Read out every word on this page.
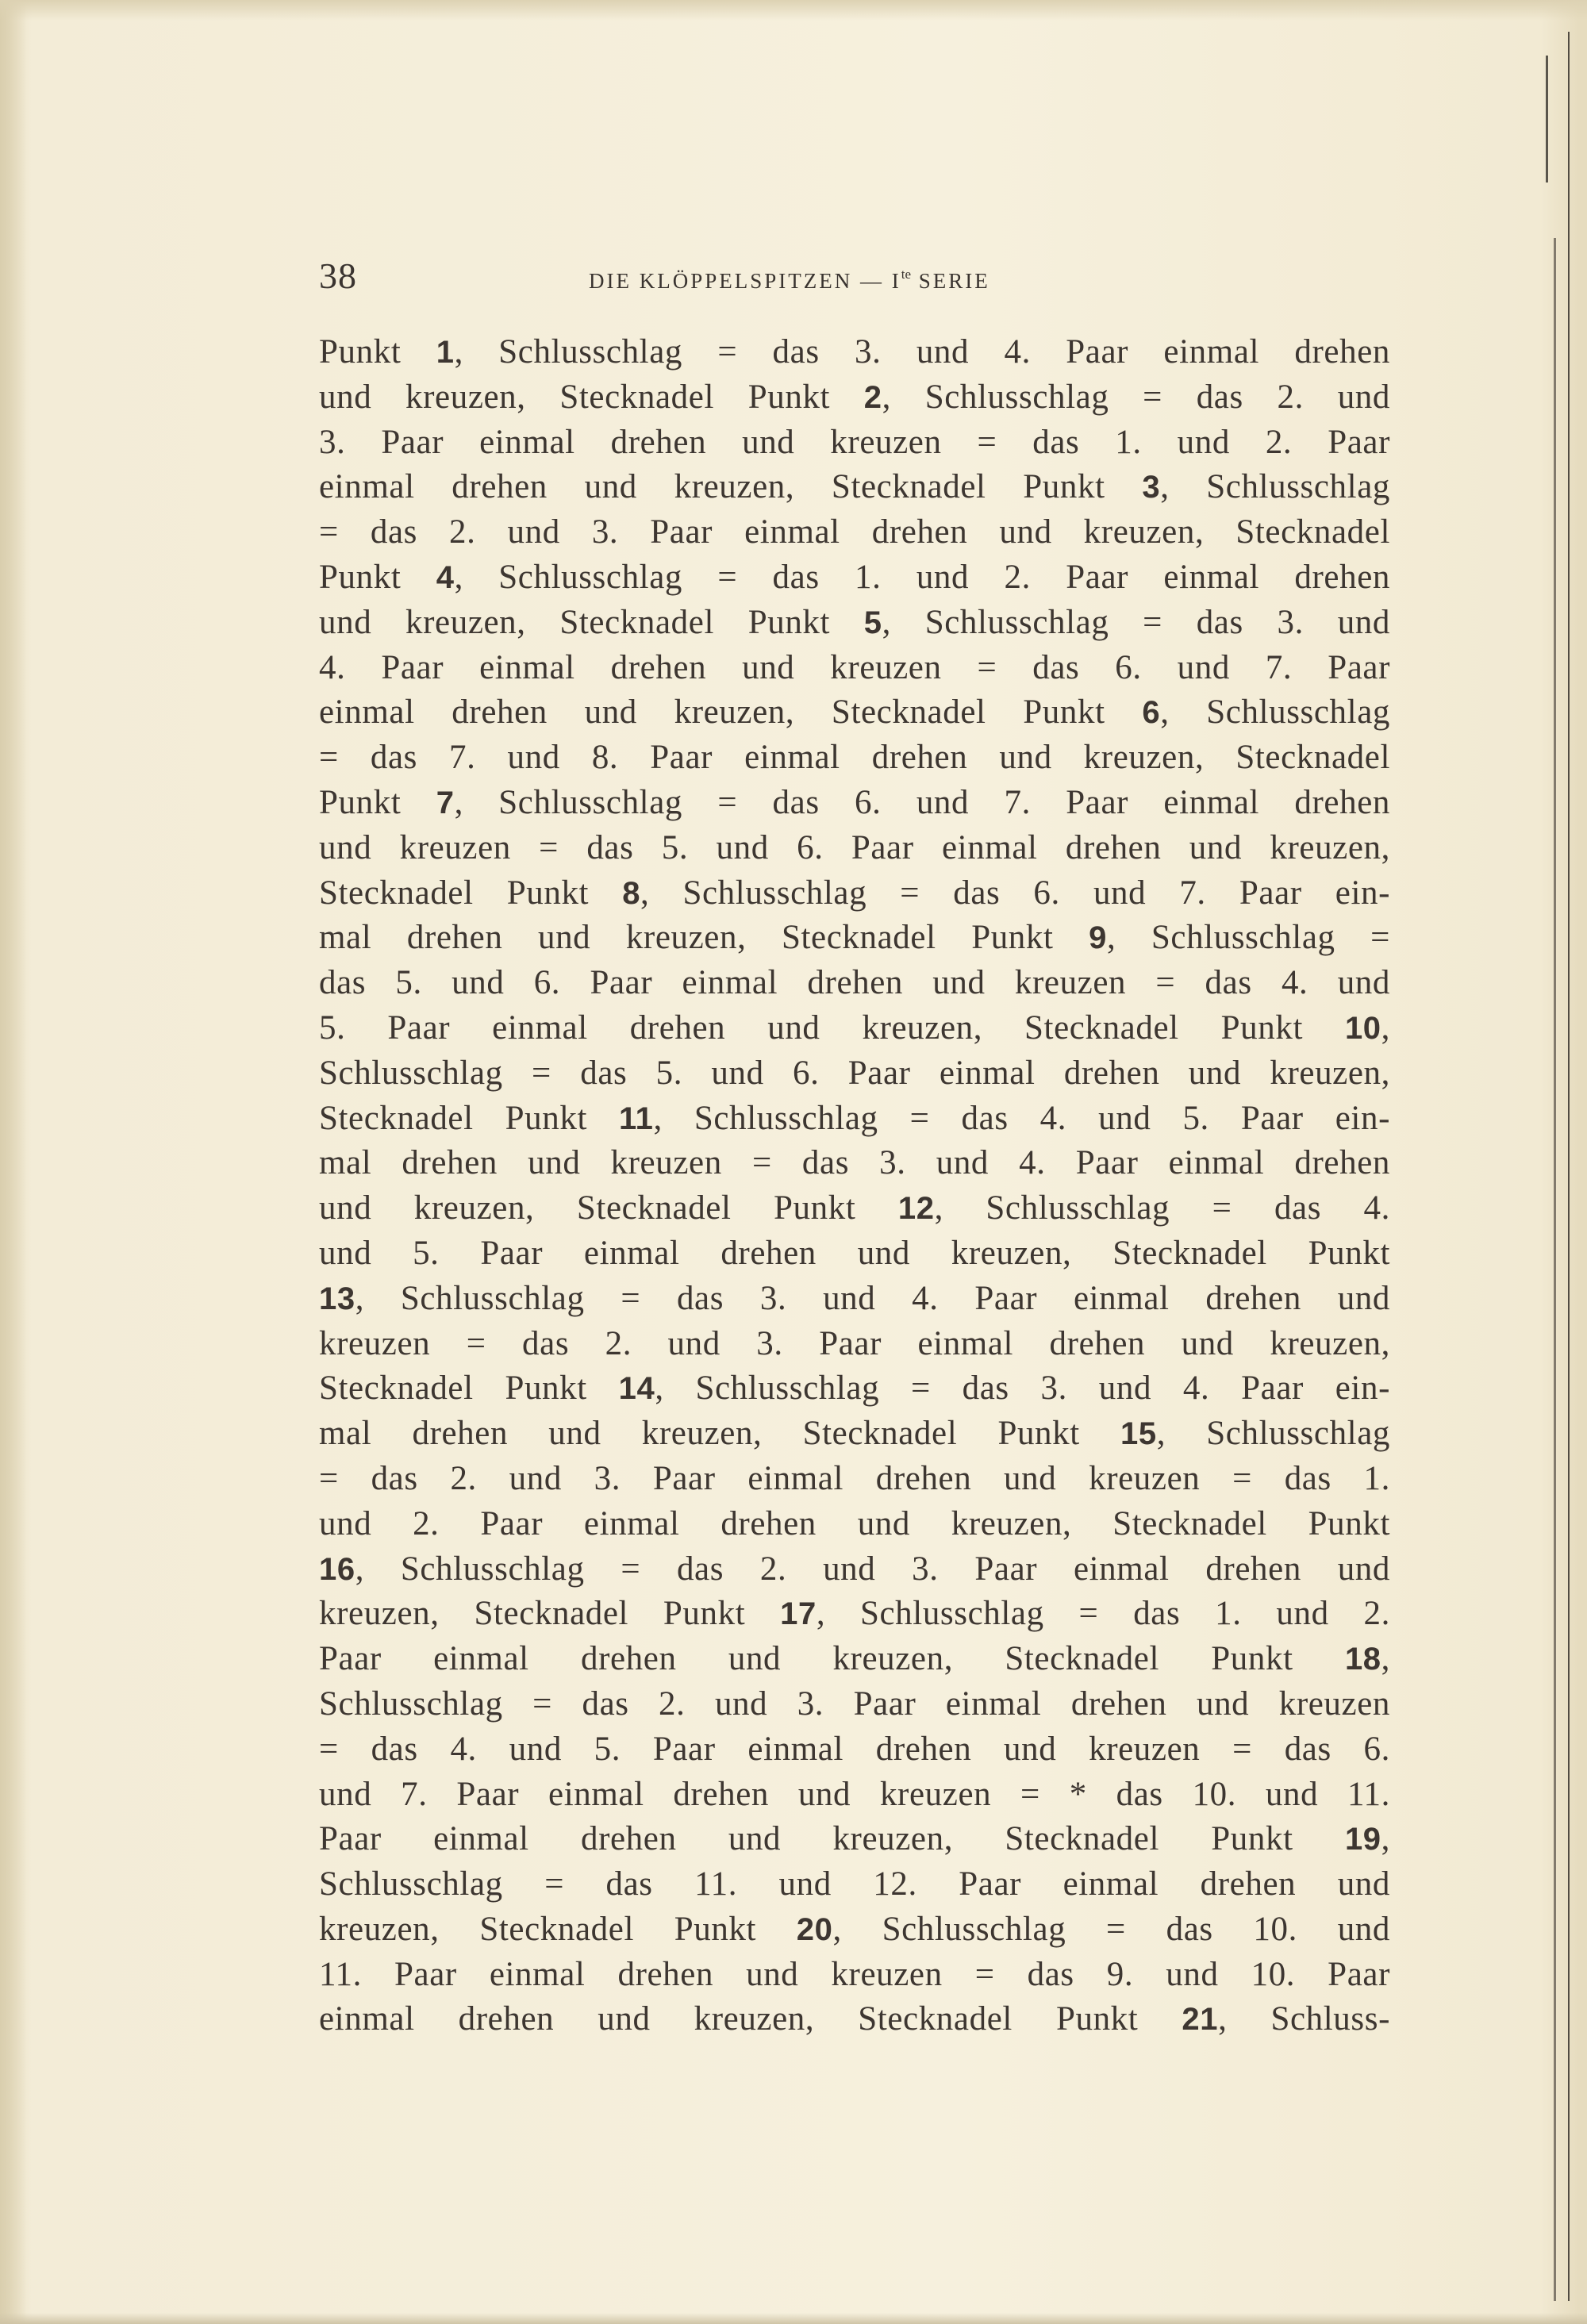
38	DIE KLÖPPELSPITZEN — $I^{te}$ SERIE
Punkt 1, Schlusschlag = das 3. und 4. Paar einmal drehen
und kreuzen, Stecknadel Punkt 2, Schlusschlag = das 2. und
3. Paar einmal drehen und kreuzen = das 1. und 2. Paar
einmal drehen und kreuzen, Stecknadel Punkt 3, Schlusschlag
= das 2. und 3. Paar einmal drehen und kreuzen, Stecknadel
Punkt 4, Schlusschlag = das 1. und 2. Paar einmal drehen
und kreuzen, Stecknadel Punkt 5, Schlusschlag = das 3. und
4. Paar einmal drehen und kreuzen = das 6. und 7. Paar
einmal drehen und kreuzen, Stecknadel Punkt 6, Schlusschlag
= das 7. und 8. Paar einmal drehen und kreuzen, Stecknadel
Punkt 7, Schlusschlag = das 6. und 7. Paar einmal drehen
und kreuzen = das 5. und 6. Paar einmal drehen und kreuzen,
Stecknadel Punkt 8, Schlusschlag = das 6. und 7. Paar ein-
mal drehen und kreuzen, Stecknadel Punkt 9, Schlusschlag =
das 5. und 6. Paar einmal drehen und kreuzen = das 4. und
5. Paar einmal drehen und kreuzen, Stecknadel Punkt 10,
Schlusschlag = das 5. und 6. Paar einmal drehen und kreuzen,
Stecknadel Punkt 11, Schlusschlag = das 4. und 5. Paar ein-
mal drehen und kreuzen = das 3. und 4. Paar einmal drehen
und kreuzen, Stecknadel Punkt 12, Schlusschlag = das 4.
und 5. Paar einmal drehen und kreuzen, Stecknadel Punkt
13, Schlusschlag = das 3. und 4. Paar einmal drehen und
kreuzen = das 2. und 3. Paar einmal drehen und kreuzen,
Stecknadel Punkt 14, Schlusschlag = das 3. und 4. Paar ein-
mal drehen und kreuzen, Stecknadel Punkt 15, Schlusschlag
= das 2. und 3. Paar einmal drehen und kreuzen = das 1.
und 2. Paar einmal drehen und kreuzen, Stecknadel Punkt
16, Schlusschlag = das 2. und 3. Paar einmal drehen und
kreuzen, Stecknadel Punkt 17, Schlusschlag = das 1. und 2.
Paar einmal drehen und kreuzen, Stecknadel Punkt 18,
Schlusschlag = das 2. und 3. Paar einmal drehen und kreuzen
= das 4. und 5. Paar einmal drehen und kreuzen = das 6.
und 7. Paar einmal drehen und kreuzen = * das 10. und 11.
Paar einmal drehen und kreuzen, Stecknadel Punkt 19,
Schlusschlag = das 11. und 12. Paar einmal drehen und
kreuzen, Stecknadel Punkt 20, Schlusschlag = das 10. und
11. Paar einmal drehen und kreuzen = das 9. und 10. Paar
einmal drehen und kreuzen, Stecknadel Punkt 21, Schluss-
